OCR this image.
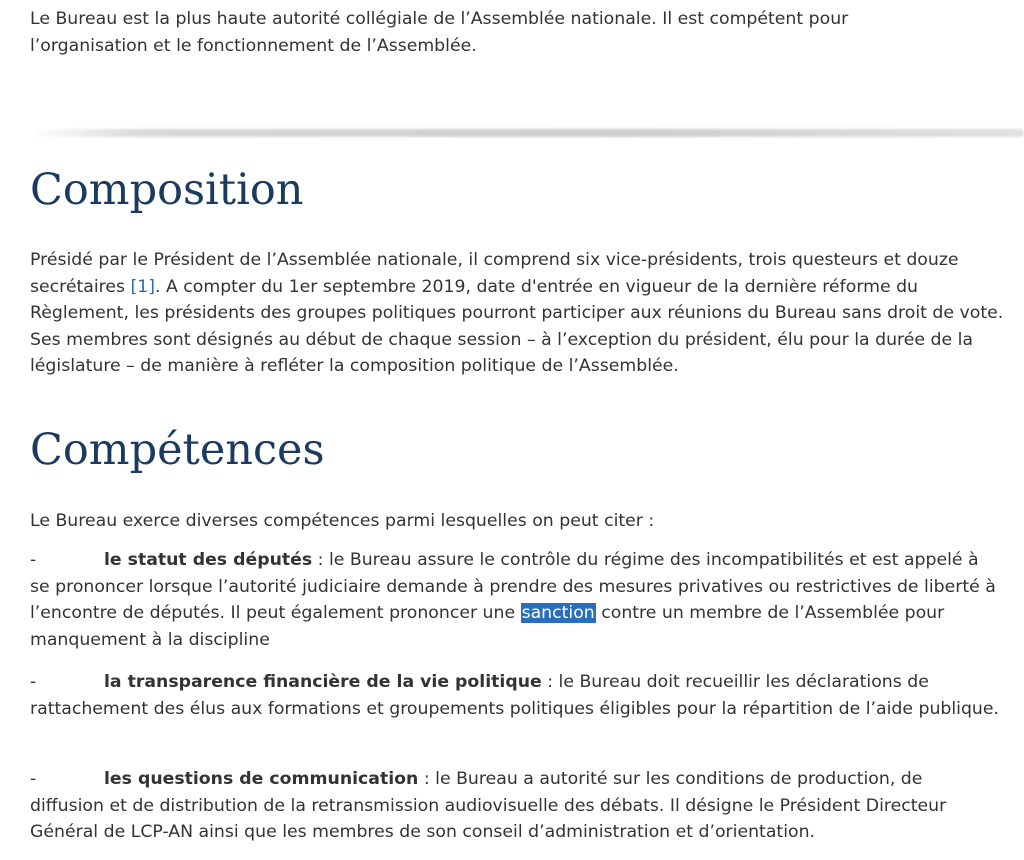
Le Bureau est la plus haute autorité collégiale de l’Assemblée nationale. Il est compétent pour l’organisation et le fonctionnement de l’Assemblée.

Composition

Présidé par le Président de l’Assemblée nationale, il comprend six vice-présidents, trois questeurs et douze secrétaires [1]. A compter du 1er septembre 2019, date d'entrée en vigueur de la dernière réforme du Règlement, les présidents des groupes politiques pourront participer aux réunions du Bureau sans droit de vote. Ses membres sont désignés au début de chaque session – à l’exception du président, élu pour la durée de la législature – de manière à refléter la composition politique de l’Assemblée.

Compétences

Le Bureau exerce diverses compétences parmi lesquelles on peut citer :

-	le statut des députés : le Bureau assure le contrôle du régime des incompatibilités et est appelé à se prononcer lorsque l’autorité judiciaire demande à prendre des mesures privatives ou restrictives de liberté à l’encontre de députés. Il peut également prononcer une sanction contre un membre de l’Assemblée pour manquement à la discipline

-	la transparence financière de la vie politique : le Bureau doit recueillir les déclarations de rattachement des élus aux formations et groupements politiques éligibles pour la répartition de l’aide publique.

-	les questions de communication : le Bureau a autorité sur les conditions de production, de diffusion et de distribution de la retransmission audiovisuelle des débats. Il désigne le Président Directeur Général de LCP-AN ainsi que les membres de son conseil d’administration et d’orientation.
